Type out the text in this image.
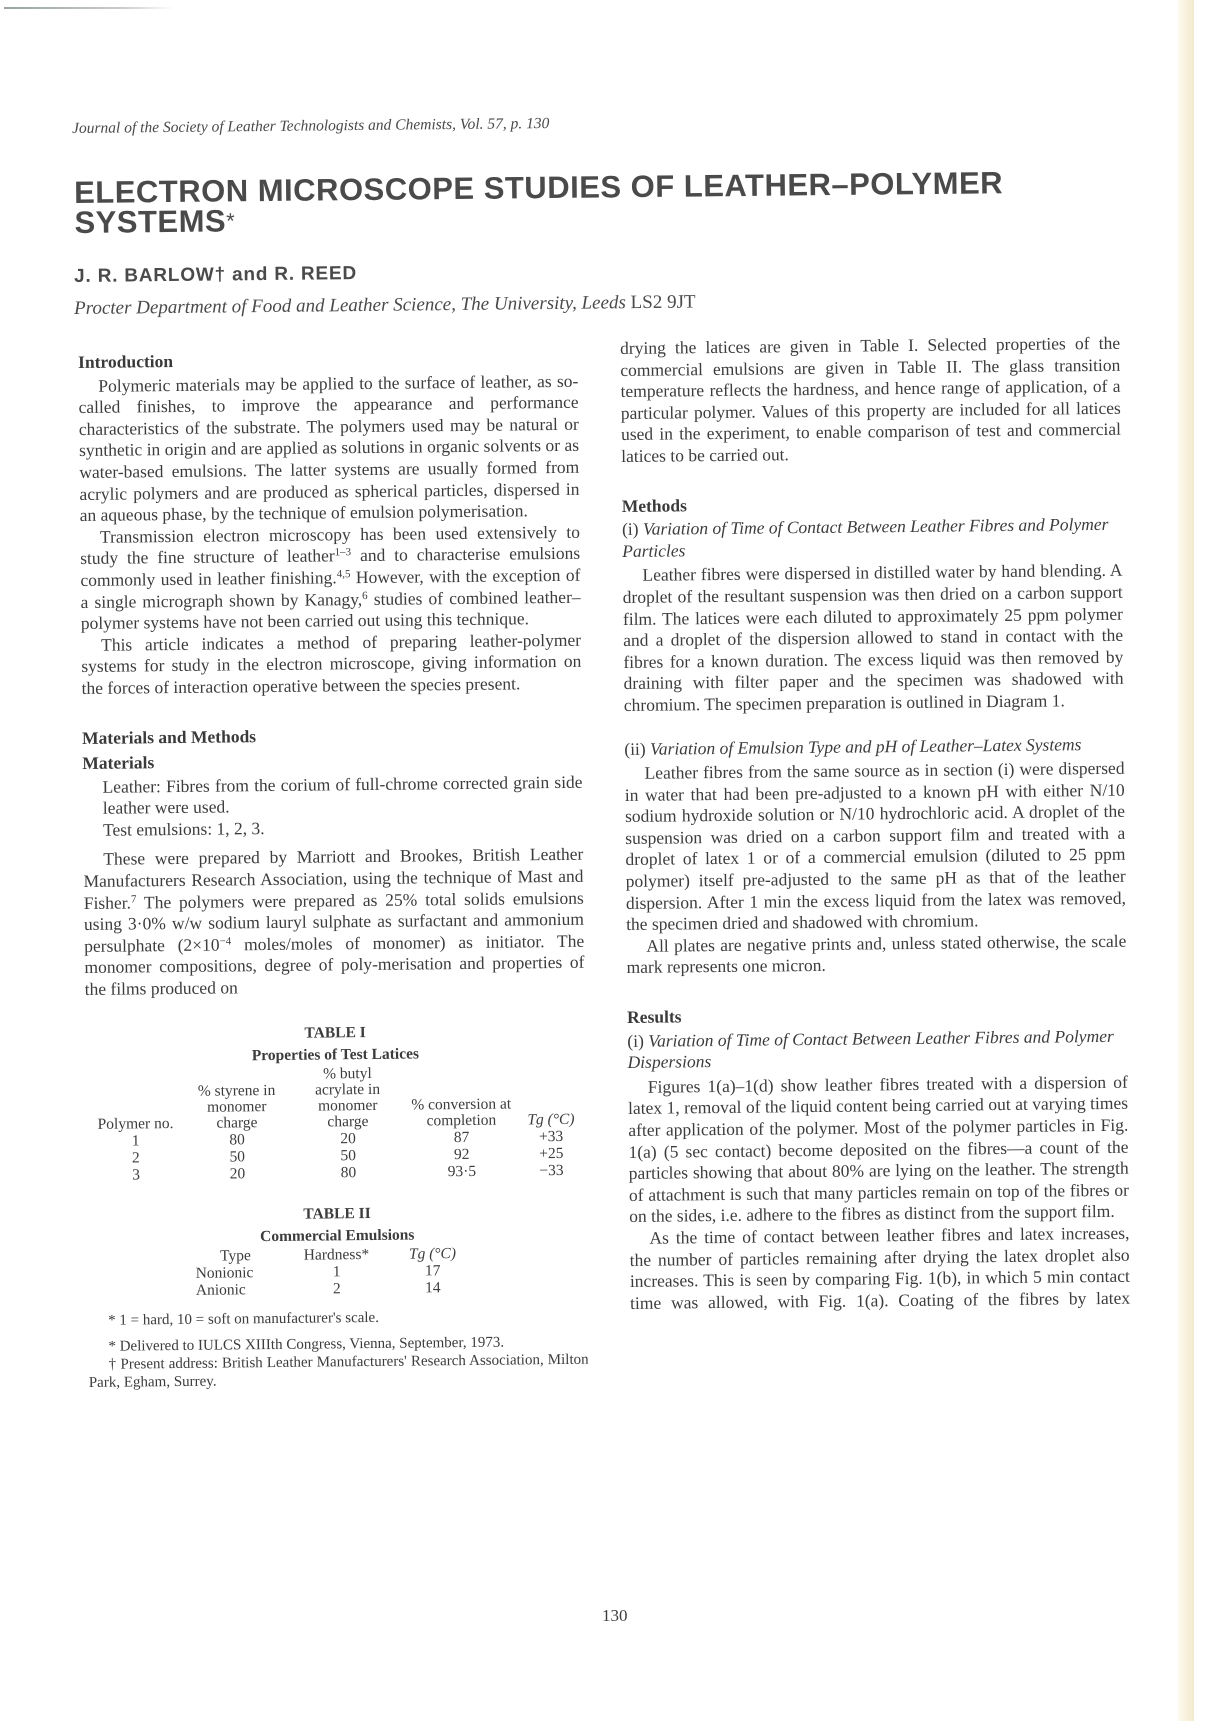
Journal of the Society of Leather Technologists and Chemists, Vol. 57, p. 130
ELECTRON MICROSCOPE STUDIES OF LEATHER–POLYMER
SYSTEMS*
J. R. BARLOW† and R. REED
Procter Department of Food and Leather Science, The University, Leeds LS2 9JT
Introduction

Polymeric materials may be applied to the surface of leather, as so-called finishes, to improve the appearance and performance characteristics of the substrate. The polymers used may be natural or synthetic in origin and are applied as solutions in organic solvents or as water-based emulsions. The latter systems are usually formed from acrylic polymers and are produced as spherical particles, dispersed in an aqueous phase, by the technique of emulsion polymerisation.

Transmission electron microscopy has been used extensively to study the fine structure of leather$^{1-3}$ and to characterise emulsions commonly used in leather finishing.$^{4,5}$ However, with the exception of a single micrograph shown by Kanagy,$^6$ studies of combined leather–polymer systems have not been carried out using this technique.

This article indicates a method of preparing leather-polymer systems for study in the electron microscope, giving information on the forces of interaction operative between the species present.

Materials and Methods
Materials

Leather: Fibres from the corium of full-chrome corrected grain side leather were used.

Test emulsions: 1, 2, 3.

These were prepared by Marriott and Brookes, British Leather Manufacturers Research Association, using the technique of Mast and Fisher.$^7$ The polymers were prepared as 25% total solids emulsions using 3·0% w/w sodium lauryl sulphate as surfactant and ammonium persulphate ($2\times 10^{-4}$ moles/moles of monomer) as initiator. The monomer compositions, degree of poly-merisation and properties of the films produced on

TABLE I
Properties of Test Latices
Polymer no.	% styrene in monomer charge	% butyl acrylate in monomer charge	% conversion at completion	Tg (°C)
1	80	20	87	+33
2	50	50	92	+25
3	20	80	93·5	−33
TABLE II
Commercial Emulsions
Type	Hardness*	Tg (°C)
Nonionic	1	17
Anionic	2	14

* 1 = hard, 10 = soft on manufacturer's scale.

* Delivered to IULCS XIIIth Congress, Vienna, September, 1973.

† Present address: British Leather Manufacturers' Research Association, Milton Park, Egham, Surrey.

drying the latices are given in Table I. Selected properties of the commercial emulsions are given in Table II. The glass transition temperature reflects the hardness, and hence range of application, of a particular polymer. Values of this property are included for all latices used in the experiment, to enable comparison of test and commercial latices to be carried out.

Methods
(i) Variation of Time of Contact Between Leather Fibres and Polymer Particles

Leather fibres were dispersed in distilled water by hand blending. A droplet of the resultant suspension was then dried on a carbon support film. The latices were each diluted to approximately 25 ppm polymer and a droplet of the dispersion allowed to stand in contact with the fibres for a known duration. The excess liquid was then removed by draining with filter paper and the specimen was shadowed with chromium. The specimen preparation is outlined in Diagram 1.

(ii) Variation of Emulsion Type and pH of Leather–Latex Systems

Leather fibres from the same source as in section (i) were dispersed in water that had been pre-adjusted to a known pH with either N/10 sodium hydroxide solution or N/10 hydrochloric acid. A droplet of the suspension was dried on a carbon support film and treated with a droplet of latex 1 or of a commercial emulsion (diluted to 25 ppm polymer) itself pre-adjusted to the same pH as that of the leather dispersion. After 1 min the excess liquid from the latex was removed, the specimen dried and shadowed with chromium.

All plates are negative prints and, unless stated otherwise, the scale mark represents one micron.

Results
(i) Variation of Time of Contact Between Leather Fibres and Polymer Dispersions

Figures 1(a)–1(d) show leather fibres treated with a dispersion of latex 1, removal of the liquid content being carried out at varying times after application of the polymer. Most of the polymer particles in Fig. 1(a) (5 sec contact) become deposited on the fibres—a count of the particles showing that about 80% are lying on the leather. The strength of attachment is such that many particles remain on top of the fibres or on the sides, i.e. adhere to the fibres as distinct from the support film.

As the time of contact between leather fibres and latex increases, the number of particles remaining after drying the latex droplet also increases. This is seen by comparing Fig. 1(b), in which 5 min contact time was allowed, with Fig. 1(a). Coating of the fibres by latex

130
